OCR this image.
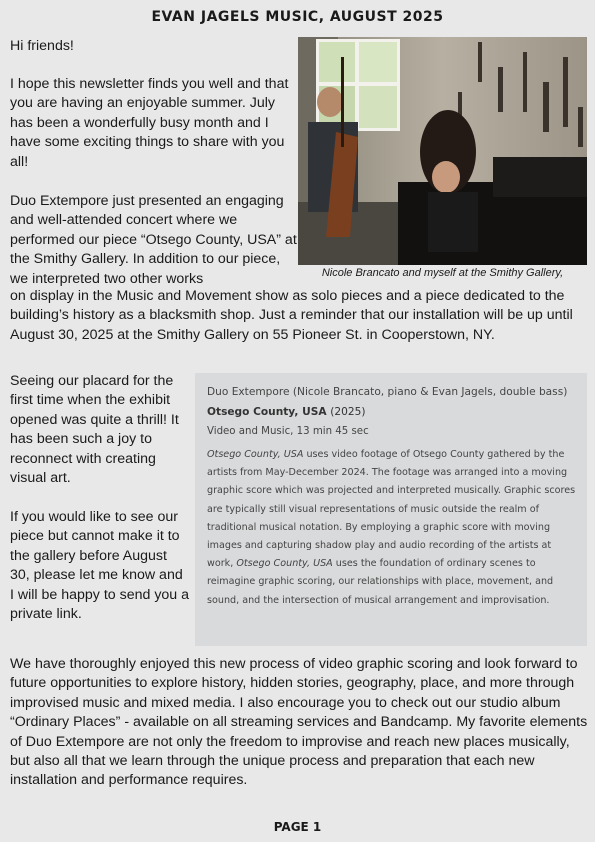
EVAN JAGELS MUSIC, AUGUST 2025

Hi friends!

I hope this newsletter finds you well and that you are having an enjoyable summer. July has been a wonderfully busy month and I have some exciting things to share with you all!

Duo Extempore just presented an engaging and well-attended concert where we performed our piece “Otsego County, USA” at the Smithy Gallery. In addition to our piece, we interpreted two other works	Nicole Brancato and myself at the Smithy Gallery,

on display in the Music and Movement show as solo pieces and a piece dedicated to the building’s history as a blacksmith shop. Just a reminder that our installation will be up until August 30, 2025 at the Smithy Gallery on 55 Pioneer St. in Cooperstown, NY.

Seeing our placard for the first time when the exhibit opened was quite a thrill! It has been such a joy to reconnect with creating visual art.

If you would like to see our piece but cannot make it to the gallery before August 30, please let me know and I will be happy to send you a private link.

Duo Extempore (Nicole Brancato, piano & Evan Jagels, double bass)

Otsego County, USA (2025)

Video and Music, 13 min 45 sec

Otsego County, USA uses video footage of Otsego County gathered by the artists from May-December 2024. The footage was arranged into a moving graphic score which was projected and interpreted musically. Graphic scores are typically still visual representations of music outside the realm of traditional musical notation. By employing a graphic score with moving images and capturing shadow play and audio recording of the artists at work, Otsego County, USA uses the foundation of ordinary scenes to reimagine graphic scoring, our relationships with place, movement, and sound, and the intersection of musical arrangement and improvisation.

We have thoroughly enjoyed this new process of video graphic scoring and look forward to future opportunities to explore history, hidden stories, geography, place, and more through improvised music and mixed media. I also encourage you to check out our studio album “Ordinary Places” - available on all streaming services and Bandcamp. My favorite elements of Duo Extempore are not only the freedom to improvise and reach new places musically, but also all that we learn through the unique process and preparation that each new installation and performance requires.

PAGE 1
